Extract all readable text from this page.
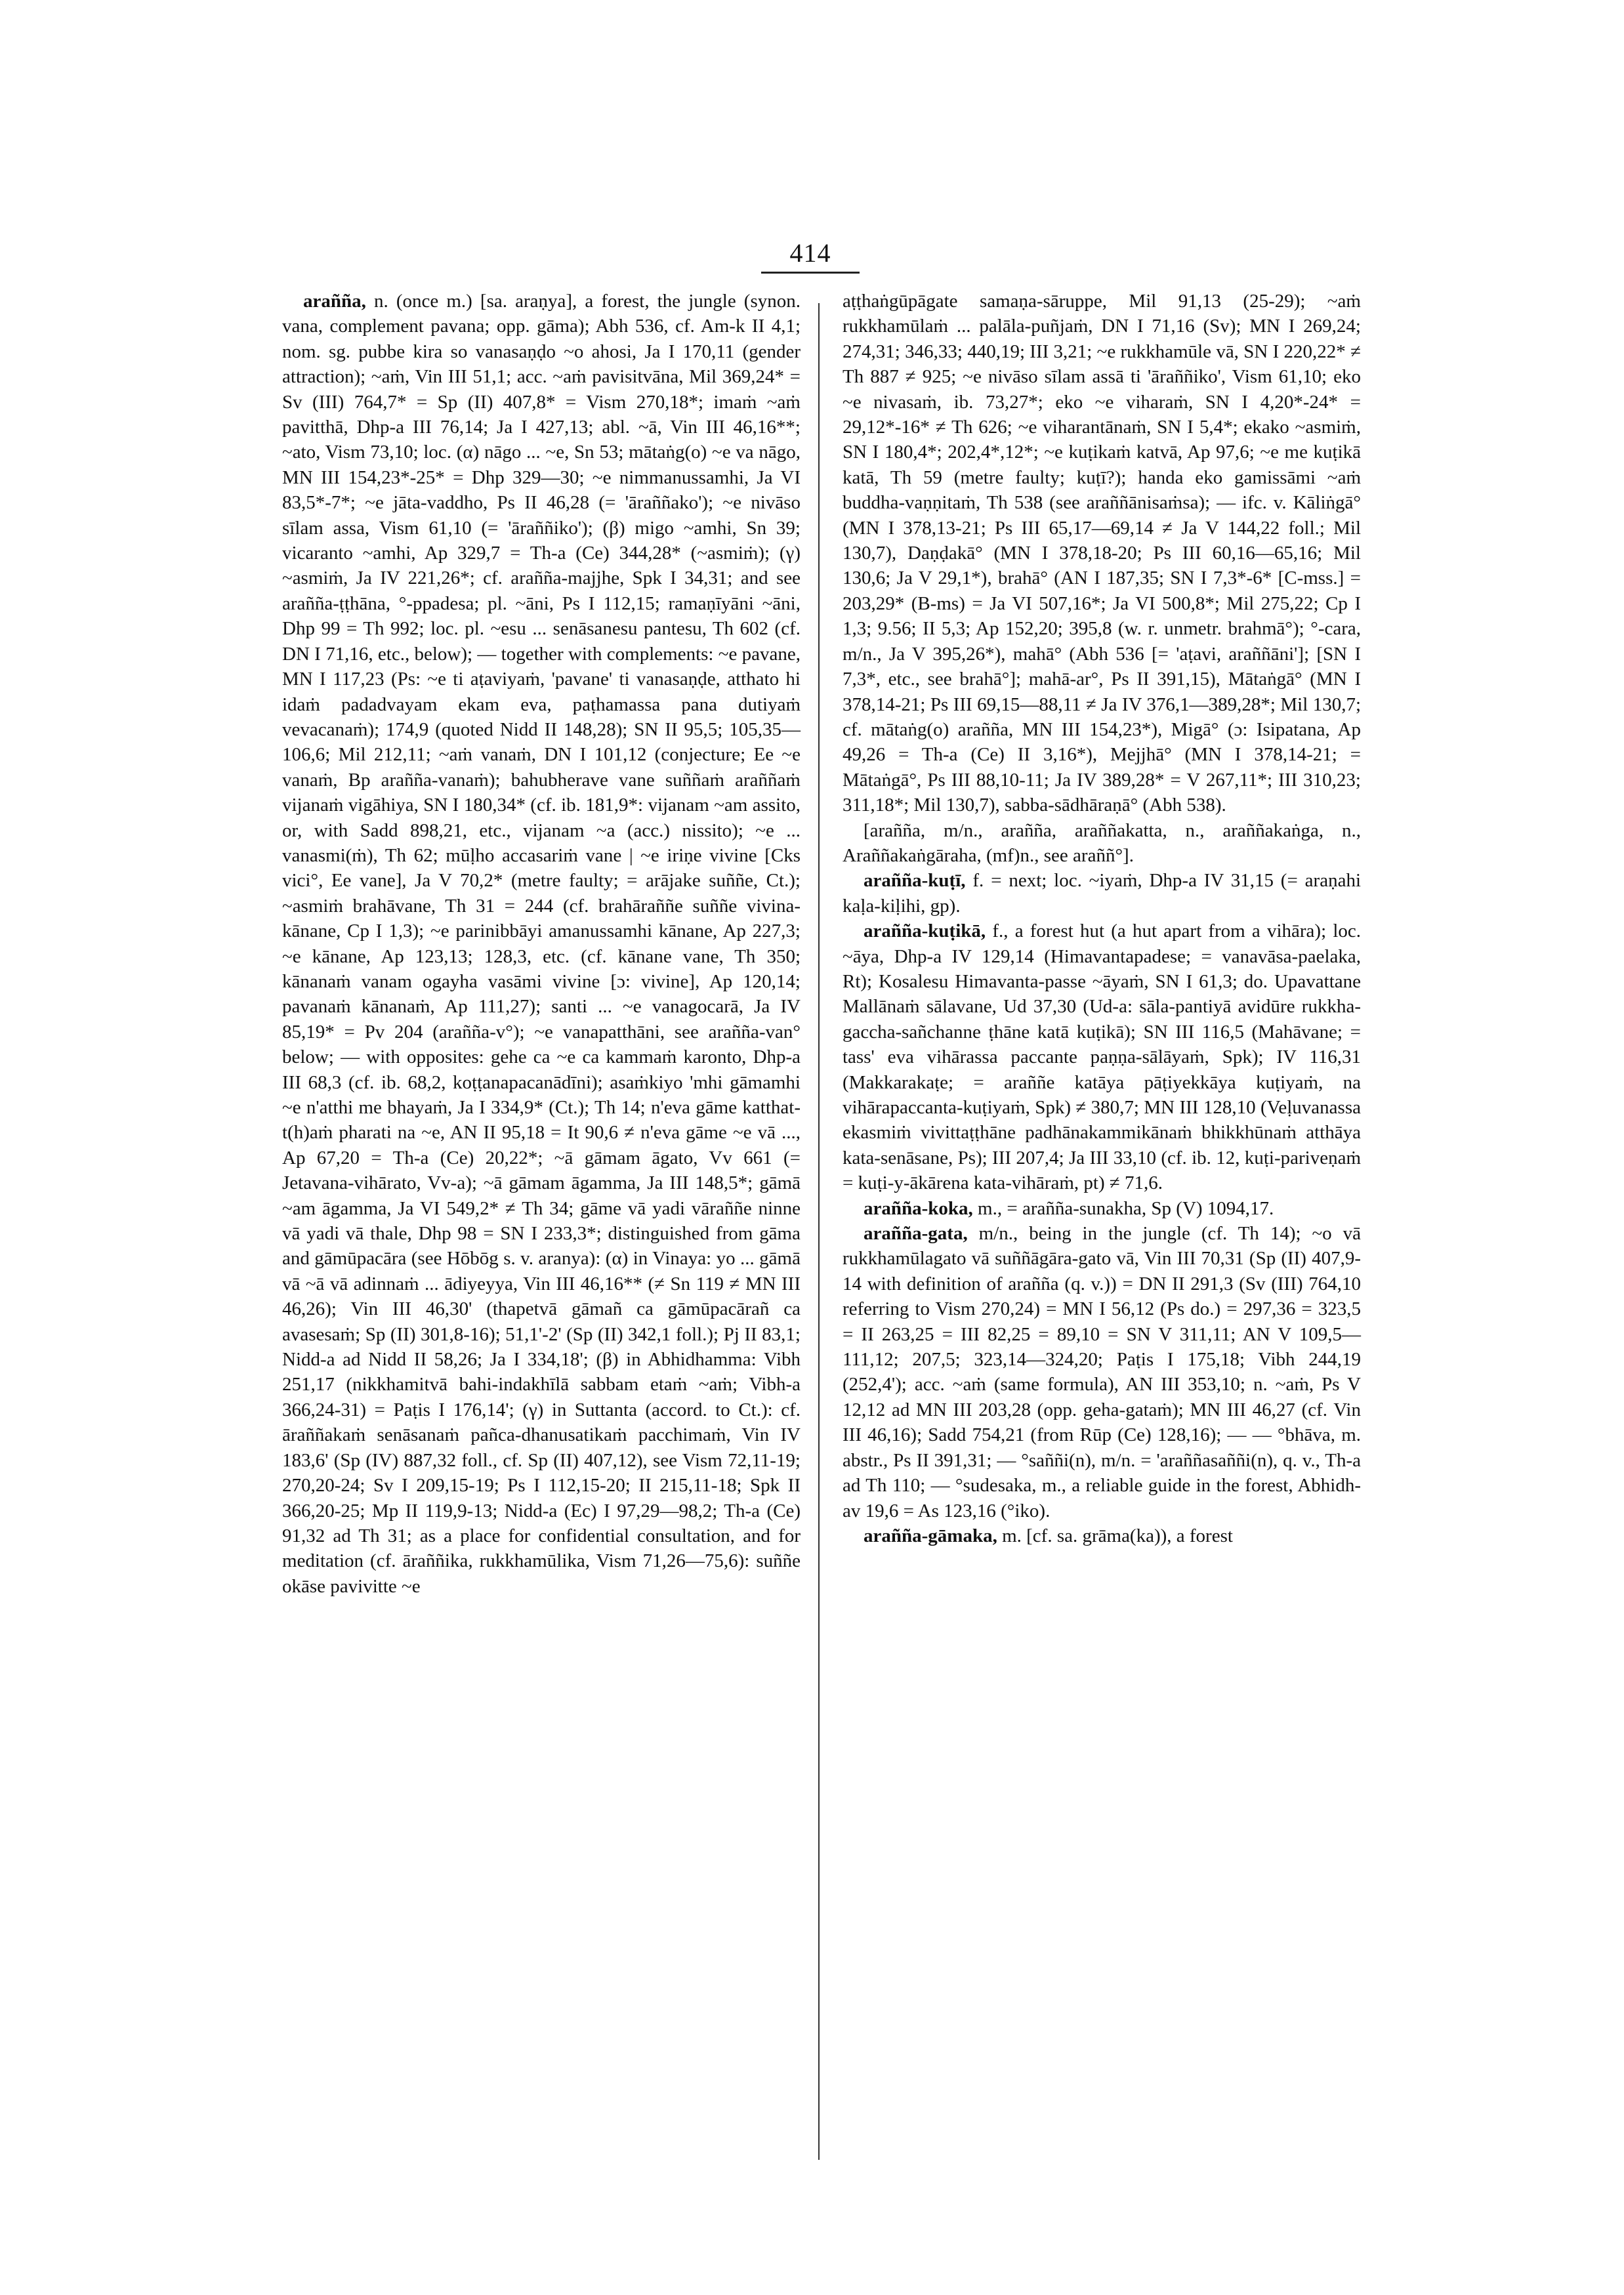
414

arañña, n. (once m.) [sa. araṇya], a forest, the jungle (synon. vana, complement pavana; opp. gāma); Abh 536, cf. Am-k II 4,1; nom. sg. pubbe kira so vanasaṇḍo ~o ahosi, Ja I 170,11 (gender attraction); ~aṁ, Vin III 51,1; acc. ~aṁ pavisitvāna, Mil 369,24* = Sv (III) 764,7* = Sp (II) 407,8* = Vism 270,18*; imaṁ ~aṁ pavitthā, Dhp-a III 76,14; Ja I 427,13; abl. ~ā, Vin III 46,16**; ~ato, Vism 73,10; loc. (α) nāgo ... ~e, Sn 53; mātaṅg(o) ~e va nāgo, MN III 154,23*-25* = Dhp 329—30; ~e nimmanussamhi, Ja VI 83,5*-7*; ~e jāta-vaddho, Ps II 46,28 (= 'āraññako'); ~e nivāso sīlam assa, Vism 61,10 (= 'āraññiko'); (β) migo ~amhi, Sn 39; vicaranto ~amhi, Ap 329,7 = Th-a (Ce) 344,28* (~asmiṁ); (γ) ~asmiṁ, Ja IV 221,26*; cf. arañña-majjhe, Spk I 34,31; and see arañña-ṭṭhāna, °-ppadesa; pl. ~āni, Ps I 112,15; ramaṇīyāni ~āni, Dhp 99 = Th 992; loc. pl. ~esu ... senāsanesu pantesu, Th 602 (cf. DN I 71,16, etc., below); — together with complements: ~e pavane, MN I 117,23 (Ps: ~e ti aṭaviyaṁ, 'pavane' ti vanasaṇḍe, atthato hi idaṁ padadvayam ekam eva, paṭhamassa pana dutiyaṁ vevacanaṁ); 174,9 (quoted Nidd II 148,28); SN II 95,5; 105,35—106,6; Mil 212,11; ~aṁ vanaṁ, DN I 101,12 (conjecture; Ee ~e vanaṁ, Bp arañña-vanaṁ); bahubherave vane suññaṁ araññaṁ vijanaṁ vigāhiya, SN I 180,34* (cf. ib. 181,9*: vijanam ~am assito, or, with Sadd 898,21, etc., vijanam ~a (acc.) nissito); ~e ... vanasmi(ṁ), Th 62; mūḷho accasariṁ vane | ~e iriṇe vivine [Cks vici°, Ee vane], Ja V 70,2* (metre faulty; = arājake suññe, Ct.); ~asmiṁ brahāvane, Th 31 = 244 (cf. brahāraññe suññe vivina-kānane, Cp I 1,3); ~e parinibbāyi amanussamhi kānane, Ap 227,3; ~e kānane, Ap 123,13; 128,3, etc. (cf. kānane vane, Th 350; kānanaṁ vanam ogayha vasāmi vivine [ɔ: vivine], Ap 120,14; pavanaṁ kānanaṁ, Ap 111,27); santi ... ~e vanagocarā, Ja IV 85,19* = Pv 204 (arañña-v°); ~e vanapatthāni, see arañña-van° below; — with opposites: gehe ca ~e ca kammaṁ karonto, Dhp-a III 68,3 (cf. ib. 68,2, koṭṭanapacanādīni); asaṁkiyo 'mhi gāmamhi ~e n'atthi me bhayaṁ, Ja I 334,9* (Ct.); Th 14; n'eva gāme katthat-t(h)aṁ pharati na ~e, AN II 95,18 = It 90,6 ≠ n'eva gāme ~e vā ..., Ap 67,20 = Th-a (Ce) 20,22*; ~ā gāmam āgato, Vv 661 (= Jetavana-vihārato, Vv-a); ~ā gāmam āgamma, Ja III 148,5*; gāmā ~am āgamma, Ja VI 549,2* ≠ Th 34; gāme vā yadi vāraññe ninne vā yadi vā thale, Dhp 98 = SN I 233,3*; distinguished from gāma and gāmūpacāra (see Hōbōg s. v. aranya): (α) in Vinaya: yo ... gāmā vā ~ā vā adinnaṁ ... ādiyeyya, Vin III 46,16** (≠ Sn 119 ≠ MN III 46,26); Vin III 46,30' (thapetvā gāmañ ca gāmūpacārañ ca avasesaṁ; Sp (II) 301,8-16); 51,1'-2' (Sp (II) 342,1 foll.); Pj II 83,1; Nidd-a ad Nidd II 58,26; Ja I 334,18'; (β) in Abhidhamma: Vibh 251,17 (nikkhamitvā bahi-indakhīlā sabbam etaṁ ~aṁ; Vibh-a 366,24-31) = Paṭis I 176,14'; (γ) in Suttanta (accord. to Ct.): cf. āraññakaṁ senāsanaṁ pañca-dhanusatikaṁ pacchimaṁ, Vin IV 183,6' (Sp (IV) 887,32 foll., cf. Sp (II) 407,12), see Vism 72,11-19; 270,20-24; Sv I 209,15-19; Ps I 112,15-20; II 215,11-18; Spk II 366,20-25; Mp II 119,9-13; Nidd-a (Ec) I 97,29—98,2; Th-a (Ce) 91,32 ad Th 31; as a place for confidential consultation, and for meditation (cf. āraññika, rukkhamūlika, Vism 71,26—75,6): suññe okāse pavivitte ~e

aṭṭhaṅgūpāgate samaṇa-sāruppe, Mil 91,13 (25-29); ~aṁ rukkhamūlaṁ ... palāla-puñjaṁ, DN I 71,16 (Sv); MN I 269,24; 274,31; 346,33; 440,19; III 3,21; ~e rukkhamūle vā, SN I 220,22* ≠ Th 887 ≠ 925; ~e nivāso sīlam assā ti 'āraññiko', Vism 61,10; eko ~e nivasaṁ, ib. 73,27*; eko ~e viharaṁ, SN I 4,20*-24* = 29,12*-16* ≠ Th 626; ~e viharantānaṁ, SN I 5,4*; ekako ~asmiṁ, SN I 180,4*; 202,4*,12*; ~e kuṭikaṁ katvā, Ap 97,6; ~e me kuṭikā katā, Th 59 (metre faulty; kuṭī?); handa eko gamissāmi ~aṁ buddha-vaṇṇitaṁ, Th 538 (see araññānisaṁsa); — ifc. v. Kāliṅgā° (MN I 378,13-21; Ps III 65,17—69,14 ≠ Ja V 144,22 foll.; Mil 130,7), Daṇḍakā° (MN I 378,18-20; Ps III 60,16—65,16; Mil 130,6; Ja V 29,1*), brahā° (AN I 187,35; SN I 7,3*-6* [C-mss.] = 203,29* (B-ms) = Ja VI 507,16*; Ja VI 500,8*; Mil 275,22; Cp I 1,3; 9.56; II 5,3; Ap 152,20; 395,8 (w. r. unmetr. brahmā°); °-cara, m/n., Ja V 395,26*), mahā° (Abh 536 [= 'aṭavi, araññāni']; [SN I 7,3*, etc., see brahā°]; mahā-ar°, Ps II 391,15), Mātaṅgā° (MN I 378,14-21; Ps III 69,15—88,11 ≠ Ja IV 376,1—389,28*; Mil 130,7; cf. mātaṅg(o) arañña, MN III 154,23*), Migā° (ɔ: Isipatana, Ap 49,26 = Th-a (Ce) II 3,16*), Mejjhā° (MN I 378,14-21; = Mātaṅgā°, Ps III 88,10-11; Ja IV 389,28* = V 267,11*; III 310,23; 311,18*; Mil 130,7), sabba-sādhāraṇā° (Abh 538).

[arañña, m/n., arañña, araññakatta, n., araññakaṅga, n., Araññakaṅgāraha, (mf)n., see araññ°].

arañña-kuṭī, f. = next; loc. ~iyaṁ, Dhp-a IV 31,15 (= araṇahi kaḷa-kiḷihi, gp).

arañña-kuṭikā, f., a forest hut (a hut apart from a vihāra); loc. ~āya, Dhp-a IV 129,14 (Himavantapadese; = vanavāsa-paelaka, Rt); Kosalesu Himavanta-passe ~āyaṁ, SN I 61,3; do. Upavattane Mallānaṁ sālavane, Ud 37,30 (Ud-a: sāla-pantiyā avidūre rukkha-gaccha-sañchanne ṭhāne katā kuṭikā); SN III 116,5 (Mahāvane; = tass' eva vihārassa paccante paṇṇa-sālāyaṁ, Spk); IV 116,31 (Makkarakaṭe; = araññe katāya pāṭiyekkāya kuṭiyaṁ, na vihārapaccanta-kuṭiyaṁ, Spk) ≠ 380,7; MN III 128,10 (Veḷuvanassa ekasmiṁ vivittaṭṭhāne padhānakammikānaṁ bhikkhūnaṁ atthāya kata-senāsane, Ps); III 207,4; Ja III 33,10 (cf. ib. 12, kuṭi-pariveṇaṁ = kuṭi-y-ākārena kata-vihāraṁ, pt) ≠ 71,6.

arañña-koka, m., = arañña-sunakha, Sp (V) 1094,17.

arañña-gata, m/n., being in the jungle (cf. Th 14); ~o vā rukkhamūlagato vā suññāgāra-gato vā, Vin III 70,31 (Sp (II) 407,9-14 with definition of arañña (q. v.)) = DN II 291,3 (Sv (III) 764,10 referring to Vism 270,24) = MN I 56,12 (Ps do.) = 297,36 = 323,5 = II 263,25 = III 82,25 = 89,10 = SN V 311,11; AN V 109,5—111,12; 207,5; 323,14—324,20; Paṭis I 175,18; Vibh 244,19 (252,4'); acc. ~aṁ (same formula), AN III 353,10; n. ~aṁ, Ps V 12,12 ad MN III 203,28 (opp. geha-gataṁ); MN III 46,27 (cf. Vin III 46,16); Sadd 754,21 (from Rūp (Ce) 128,16); — — °bhāva, m. abstr., Ps II 391,31; — °saññi(n), m/n. = 'araññasaññi(n), q. v., Th-a ad Th 110; — °sudesaka, m., a reliable guide in the forest, Abhidh-av 19,6 = As 123,16 (°iko).

arañña-gāmaka, m. [cf. sa. grāma(ka)), a forest
